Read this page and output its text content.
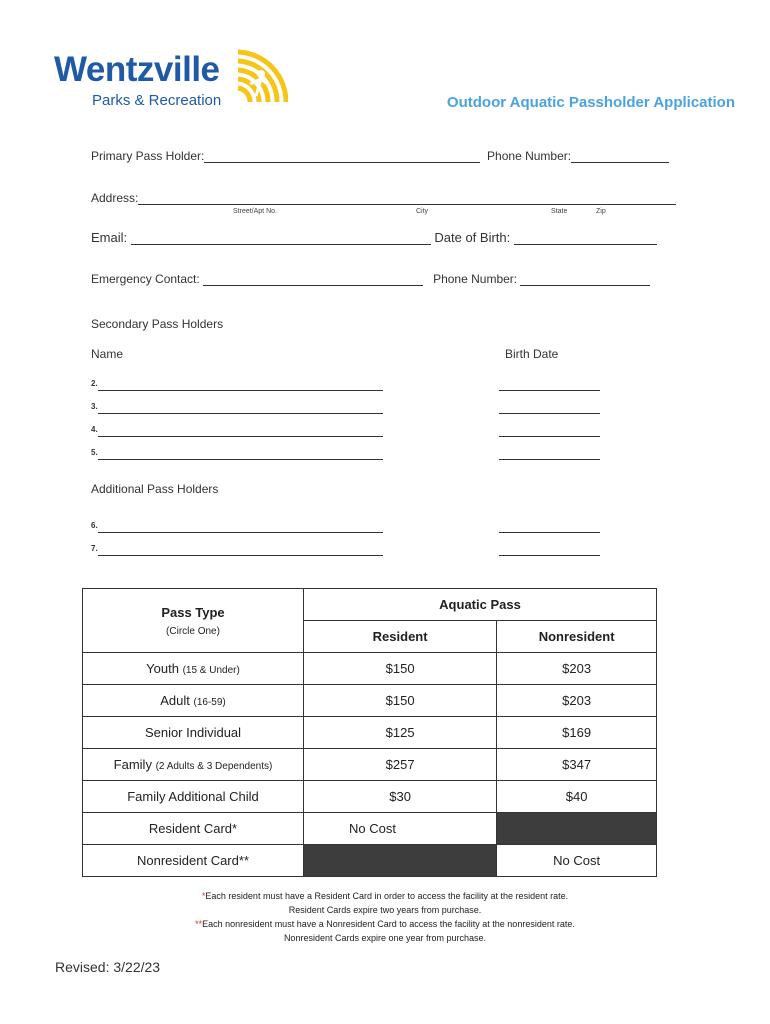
Wentzville
Parks & Recreation	Outdoor Aquatic Passholder Application
Primary Pass Holder:	Phone Number:
Address:
Street/Apt No.	City	State	Zip
Email:	Date of Birth:
Emergency Contact:	Phone Number:
Secondary Pass Holders
Name	Birth Date
2.
3.
4.
5.
Additional Pass Holders
6.
7.
Pass Type
(Circle One)	Aquatic Pass	
	Resident	Nonresident
Youth (15 & Under)	$150	$203
Adult (16-59)	$150	$203
Senior Individual	$125	$169
Family (2 Adults & 3 Dependents)	$257	$347
Family Additional Child	$30	$40
Resident Card*	No Cost	
Nonresident Card**		No Cost
*Each resident must have a Resident Card in order to access the facility at the resident rate.
Resident Cards expire two years from purchase.
**Each nonresident must have a Nonresident Card to access the facility at the nonresident rate.
Nonresident Cards expire one year from purchase.
Revised: 3/22/23
